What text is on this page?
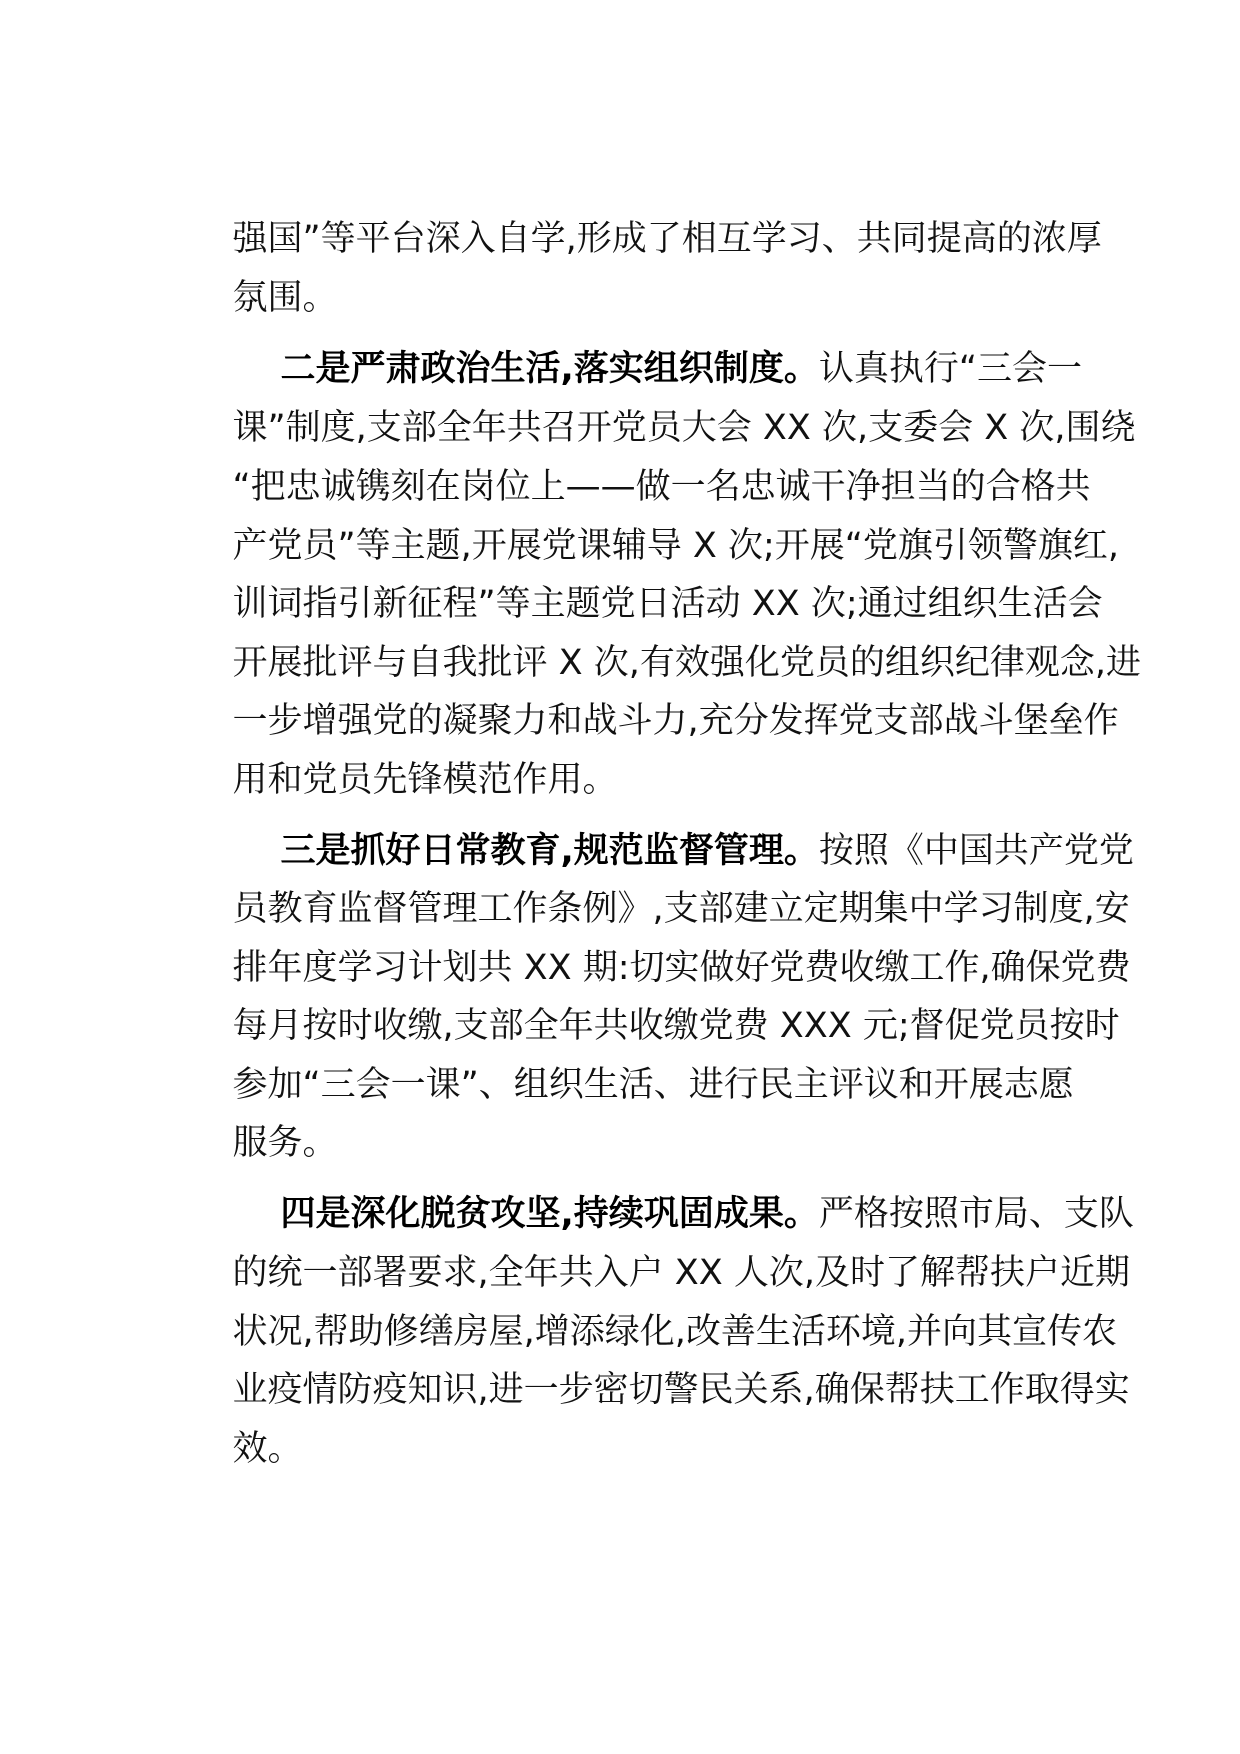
强国”等平台深入自学,形成了相互学习、共同提高的浓厚

氛围。

二是严肃政治生活,落实组织制度。认真执行“三会一

课”制度,支部全年共召开党员大会 XX 次,支委会 X 次,围绕

“把忠诚镌刻在岗位上——做一名忠诚干净担当的合格共

产党员”等主题,开展党课辅导 X 次;开展“党旗引领警旗红,

训词指引新征程”等主题党日活动 XX 次;通过组织生活会

开展批评与自我批评 X 次,有效强化党员的组织纪律观念,进

一步增强党的凝聚力和战斗力,充分发挥党支部战斗堡垒作

用和党员先锋模范作用。

三是抓好日常教育,规范监督管理。按照《中国共产党党

员教育监督管理工作条例》,支部建立定期集中学习制度,安

排年度学习计划共 XX 期:切实做好党费收缴工作,确保党费

每月按时收缴,支部全年共收缴党费 XXX 元;督促党员按时

参加“三会一课”、组织生活、进行民主评议和开展志愿

服务。

四是深化脱贫攻坚,持续巩固成果。严格按照市局、支队

的统一部署要求,全年共入户 XX 人次,及时了解帮扶户近期

状况,帮助修缮房屋,增添绿化,改善生活环境,并向其宣传农

业疫情防疫知识,进一步密切警民关系,确保帮扶工作取得实

效。
